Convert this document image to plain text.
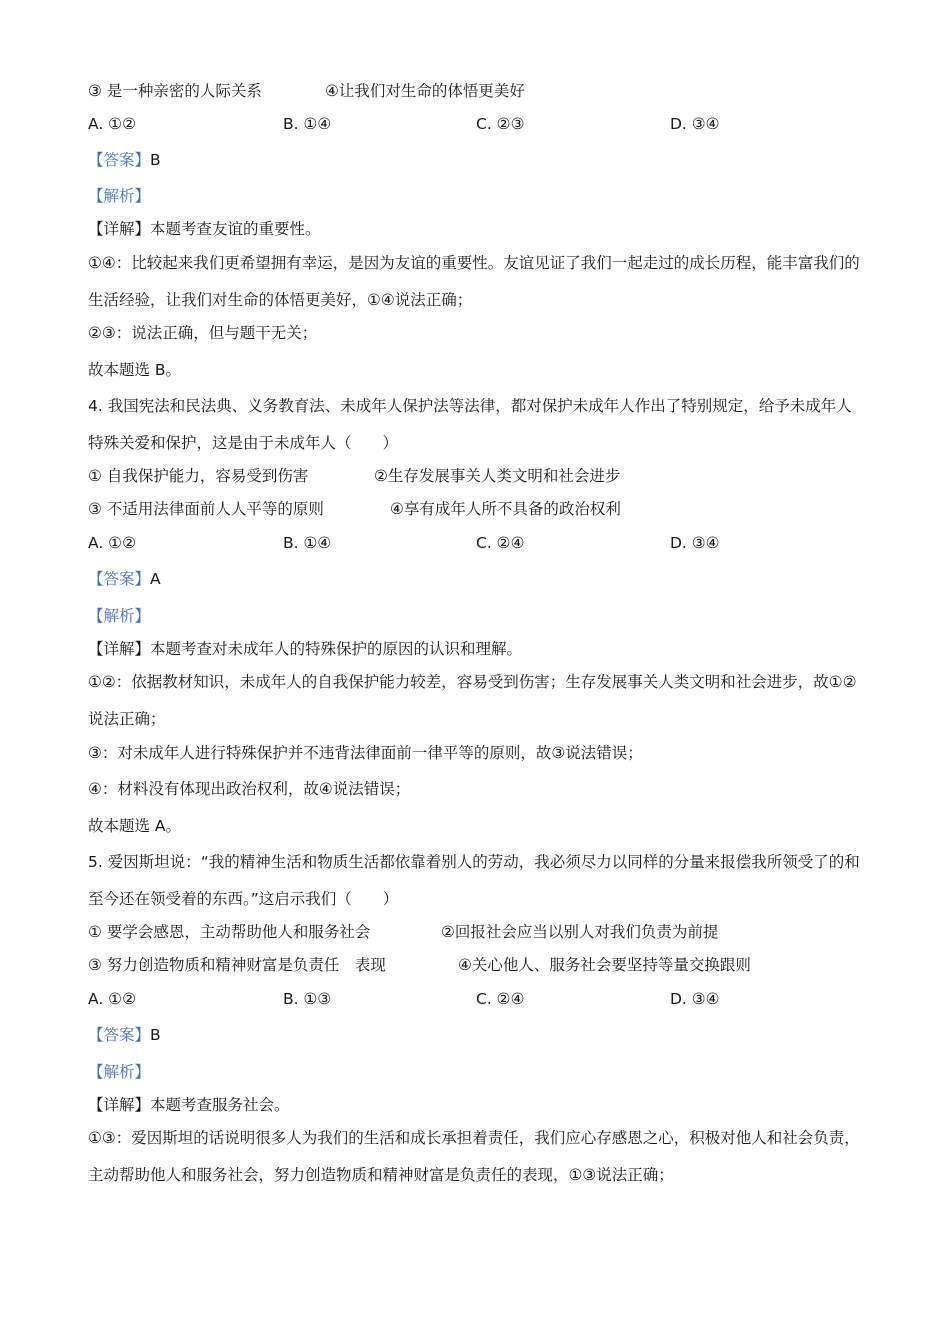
③ 是一种亲密的人际关系	④让我们对生命的体悟更美好
A. ①②	B. ①④	C. ②③	D. ③④
【答案】B
【解析】
【详解】本题考查友谊的重要性。
①④：比较起来我们更希望拥有幸运，是因为友谊的重要性。友谊见证了我们一起走过的成长历程，能丰富我们的生活经验，让我们对生命的体悟更美好，①④说法正确；
②③：说法正确，但与题干无关；
故本题选 B。
4. 我国宪法和民法典、义务教育法、未成年人保护法等法律，都对保护未成年人作出了特别规定，给予未成年人特殊关爱和保护，这是由于未成年人（　　）
① 自我保护能力，容易受到伤害	②生存发展事关人类文明和社会进步
③ 不适用法律面前人人平等的原则	④享有成年人所不具备的政治权利
A. ①②	B. ①④	C. ②④	D. ③④
【答案】A
【解析】
【详解】本题考查对未成年人的特殊保护的原因的认识和理解。
①②：依据教材知识，未成年人的自我保护能力较差，容易受到伤害；生存发展事关人类文明和社会进步，故①②说法正确；
③：对未成年人进行特殊保护并不违背法律面前一律平等的原则，故③说法错误；
④：材料没有体现出政治权利，故④说法错误；
故本题选 A。
5. 爱因斯坦说：“我的精神生活和物质生活都依靠着别人的劳动，我必须尽力以同样的分量来报偿我所领受了的和至今还在领受着的东西。”这启示我们（　　）
① 要学会感恩，主动帮助他人和服务社会	②回报社会应当以别人对我们负责为前提
③ 努力创造物质和精神财富是负责任　表现	④关心他人、服务社会要坚持等量交换跟则
A. ①②	B. ①③	C. ②④	D. ③④
【答案】B
【解析】
【详解】本题考查服务社会。
①③：爱因斯坦的话说明很多人为我们的生活和成长承担着责任，我们应心存感恩之心，积极对他人和社会负责，主动帮助他人和服务社会，努力创造物质和精神财富是负责任的表现，①③说法正确；
